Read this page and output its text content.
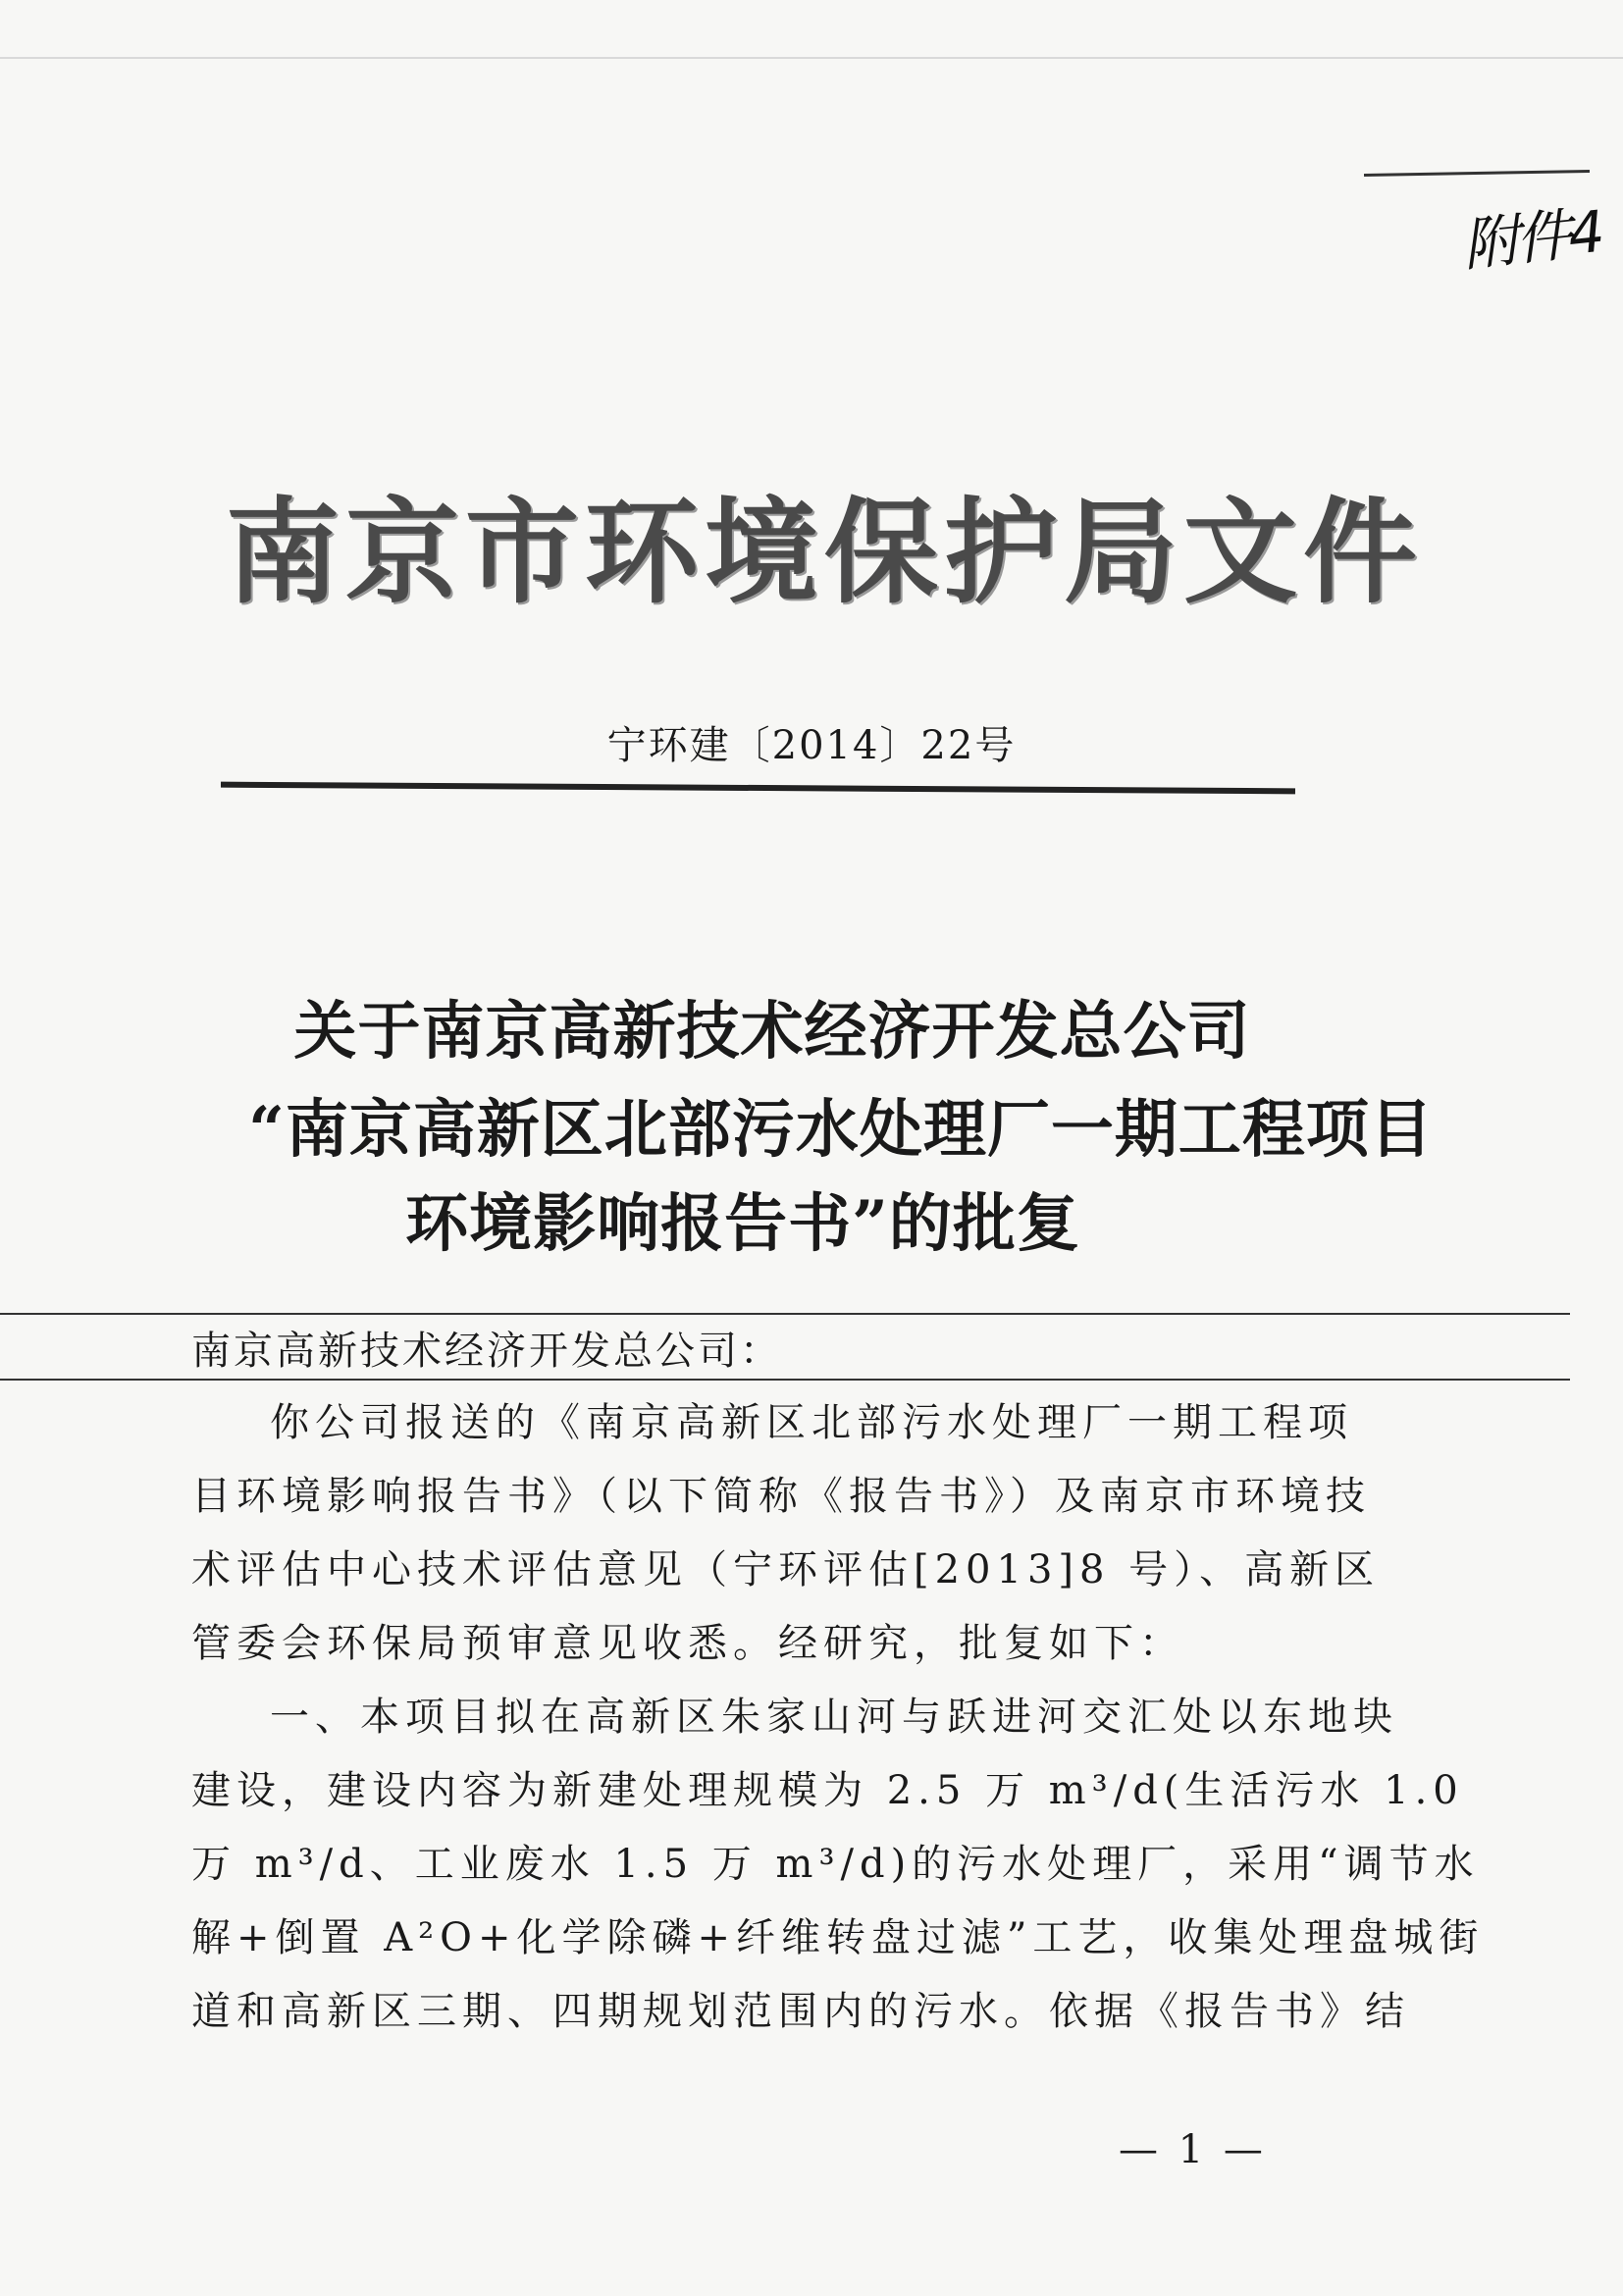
附件4
南京市环境保护局文件
宁环建〔2014〕22号
关于南京高新技术经济开发总公司
“南京高新区北部污水处理厂一期工程项目
环境影响报告书”的批复
南京高新技术经济开发总公司：
你公司报送的《南京高新区北部污水处理厂一期工程项
目环境影响报告书》（以下简称《报告书》）及南京市环境技
术评估中心技术评估意见（宁环评估[2013]8 号）、高新区
管委会环保局预审意见收悉。经研究，批复如下：
一、本项目拟在高新区朱家山河与跃进河交汇处以东地块
建设，建设内容为新建处理规模为 2.5 万 m³/d(生活污水 1.0
万 m³/d、工业废水 1.5 万 m³/d)的污水处理厂，采用“调节水
解+倒置 A²O+化学除磷+纤维转盘过滤”工艺，收集处理盘城街
道和高新区三期、四期规划范围内的污水。依据《报告书》结
— 1 —
